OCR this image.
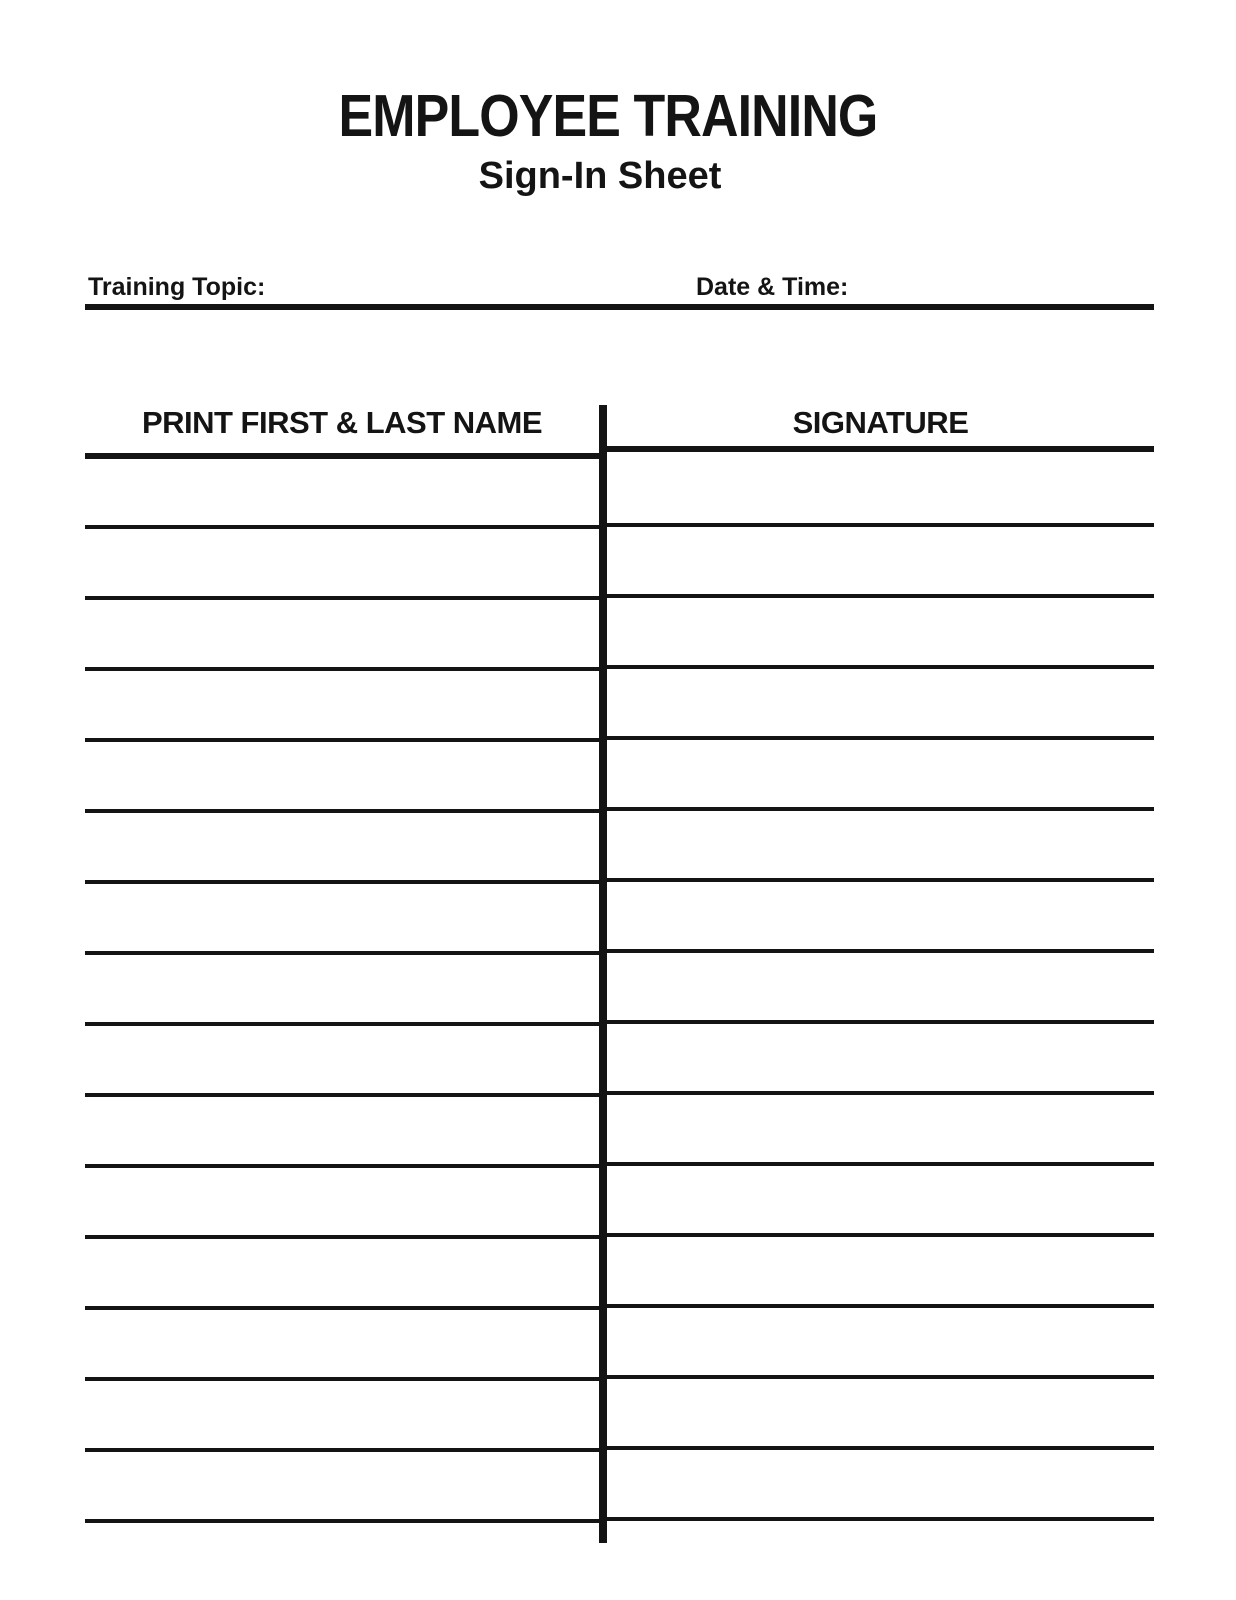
EMPLOYEE TRAINING
Sign-In Sheet
Training Topic:	Date & Time:
PRINT FIRST & LAST NAME	SIGNATURE
